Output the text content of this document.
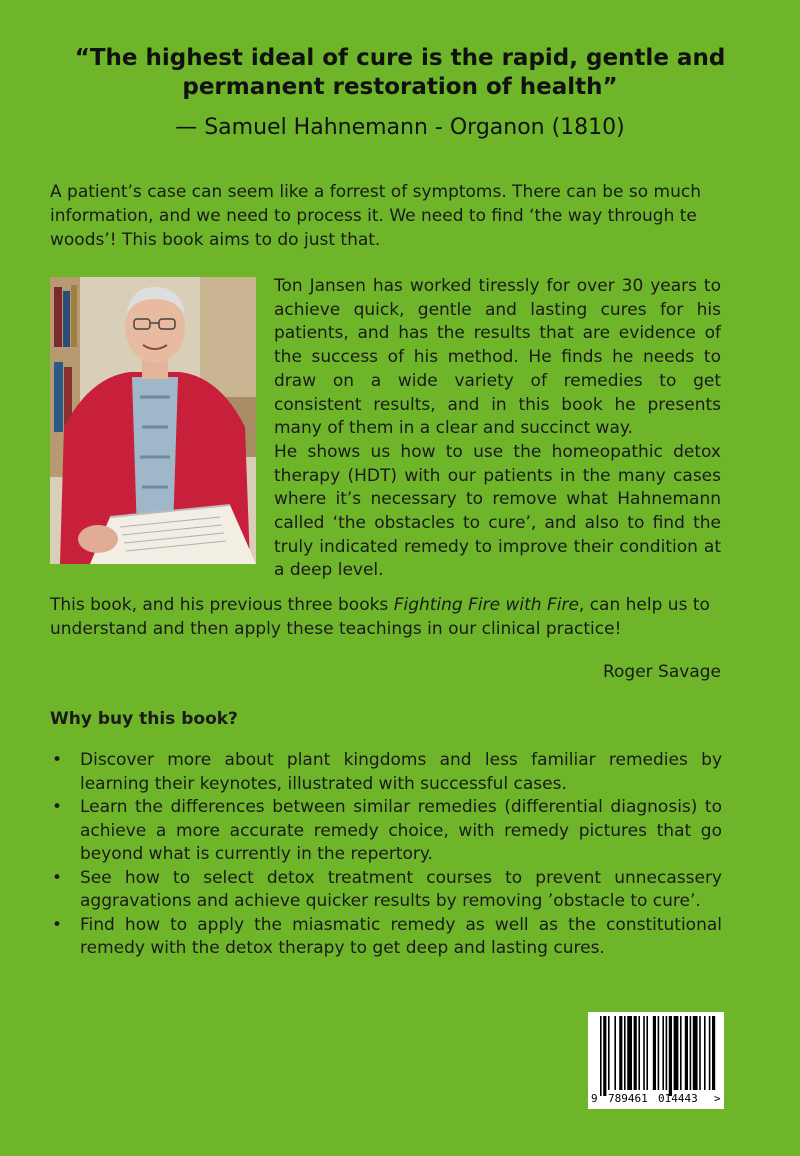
“The highest ideal of cure is the rapid, gentle and
permanent restoration of health”
— Samuel Hahnemann - Organon (1810)

A patient’s case can seem like a forrest of symptoms. There can be so much information, and we need to process it. We need to find ‘the way through te woods’! This book aims to do just that.

Ton Jansen has worked tiressly for over 30 years to achieve quick, gentle and lasting cures for his patients, and has the results that are evidence of the success of his method. He finds he needs to draw on a wide variety of remedies to get consistent results, and in this book he presents many of them in a clear and succinct way.

He shows us how to use the homeopathic detox therapy (HDT) with our patients in the many cases where it’s necessary to remove what Hahnemann called ‘the obstacles to cure’, and also to find the truly indicated remedy to improve their condition at a deep level.

This book, and his previous three books Fighting Fire with Fire, can help us to understand and then apply these teachings in our clinical practice!

Roger Savage

Why buy this book?

• Discover more about plant kingdoms and less familiar remedies by learning their keynotes, illustrated with successful cases.
• Learn the differences between similar remedies (differential diagnosis) to achieve a more accurate remedy choice, with remedy pictures that go beyond what is currently in the repertory.
• See how to select detox treatment courses to prevent unnecassery aggravations and achieve quicker results by removing ’obstacle to cure’.
• Find how to apply the miasmatic remedy as well as the constitutional remedy with the detox therapy to get deep and lasting cures.
9 789461 014443 >
